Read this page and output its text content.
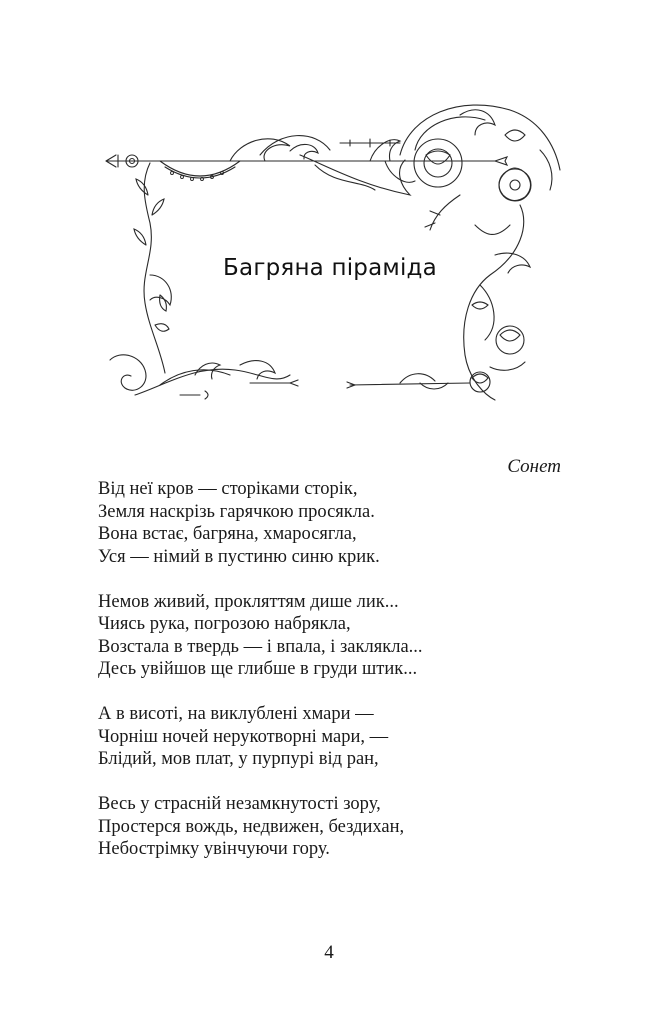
Багряна піраміда
Сонет
Від неї кров — сторіками сторік,
Земля наскрізь гарячкою просякла.
Вона встає, багряна, хмаросягла,
Уся — німий в пустиню синю крик.
Немов живий, прокляттям дише лик...
Чиясь рука, погрозою набрякла,
Возстала в твердь — і впала, і заклякла...
Десь увійшов ще глибше в груди штик...
А в висоті, на виклублені хмари —
Чорніш ночей нерукотворні мари, —
Блідий, мов плат, у пурпурі від ран,
Весь у страсній незамкнутості зору,
Простерся вождь, недвижен, бездихан,
Небострімку увінчуючи гору.
4
